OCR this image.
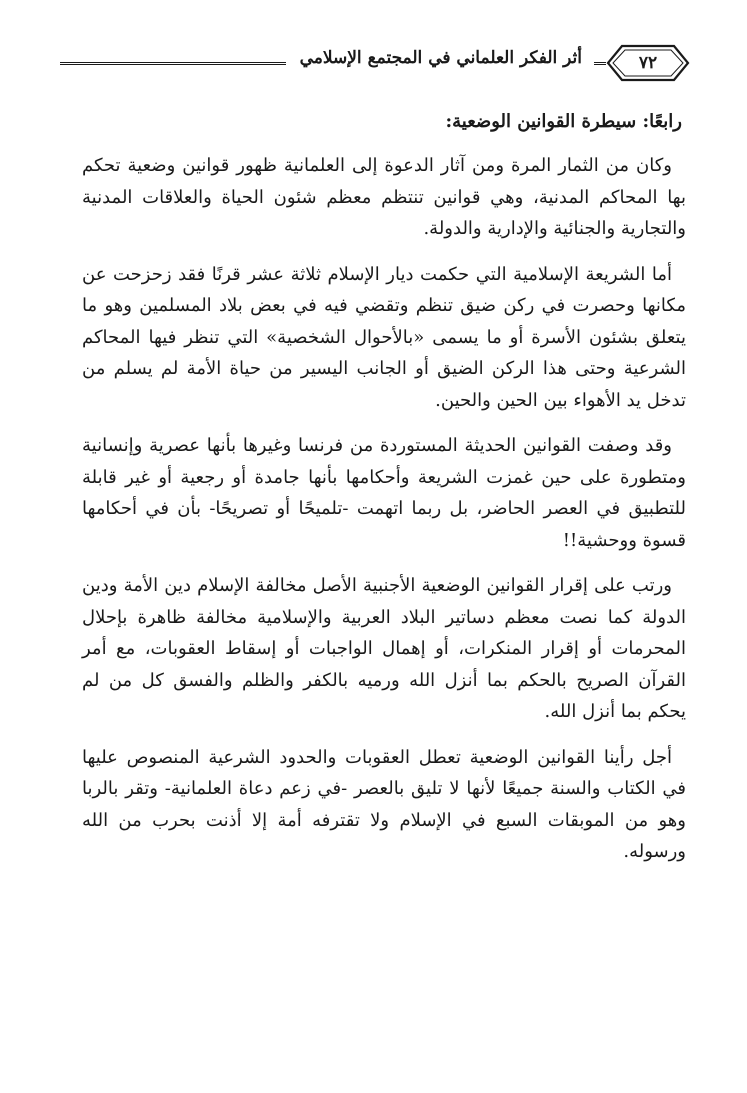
٧٢
أثر الفكر العلماني في المجتمع الإسلامي

رابعًا: سيطرة القوانين الوضعية:

وكان من الثمار المرة ومن آثار الدعوة إلى العلمانية ظهور قوانين وضعية تحكم بها المحاكم المدنية، وهي قوانين تنتظم معظم شئون الحياة والعلاقات المدنية والتجارية والجنائية والإدارية والدولة.

أما الشريعة الإسلامية التي حكمت ديار الإسلام ثلاثة عشر قرنًا فقد زحزحت عن مكانها وحصرت في ركن ضيق تنظم وتقضي فيه في بعض بلاد المسلمين وهو ما يتعلق بشئون الأسرة أو ما يسمى «بالأحوال الشخصية» التي تنظر فيها المحاكم الشرعية وحتى هذا الركن الضيق أو الجانب اليسير من حياة الأمة لم يسلم من تدخل يد الأهواء بين الحين والحين.

وقد وصفت القوانين الحديثة المستوردة من فرنسا وغيرها بأنها عصرية وإنسانية ومتطورة على حين غمزت الشريعة وأحكامها بأنها جامدة أو رجعية أو غير قابلة للتطبيق في العصر الحاضر، بل ربما اتهمت -تلميحًا أو تصريحًا- بأن في أحكامها قسوة ووحشية!!

ورتب على إقرار القوانين الوضعية الأجنبية الأصل مخالفة الإسلام دين الأمة ودين الدولة كما نصت معظم دساتير البلاد العربية والإسلامية مخالفة ظاهرة بإحلال المحرمات أو إقرار المنكرات، أو إهمال الواجبات أو إسقاط العقوبات، مع أمر القرآن الصريح بالحكم بما أنزل الله ورميه بالكفر والظلم والفسق كل من لم يحكم بما أنزل الله.

أجل رأينا القوانين الوضعية تعطل العقوبات والحدود الشرعية المنصوص عليها في الكتاب والسنة جميعًا لأنها لا تليق بالعصر -في زعم دعاة العلمانية- وتقر بالربا وهو من الموبقات السبع في الإسلام ولا تقترفه أمة إلا أذنت بحرب من الله ورسوله.
